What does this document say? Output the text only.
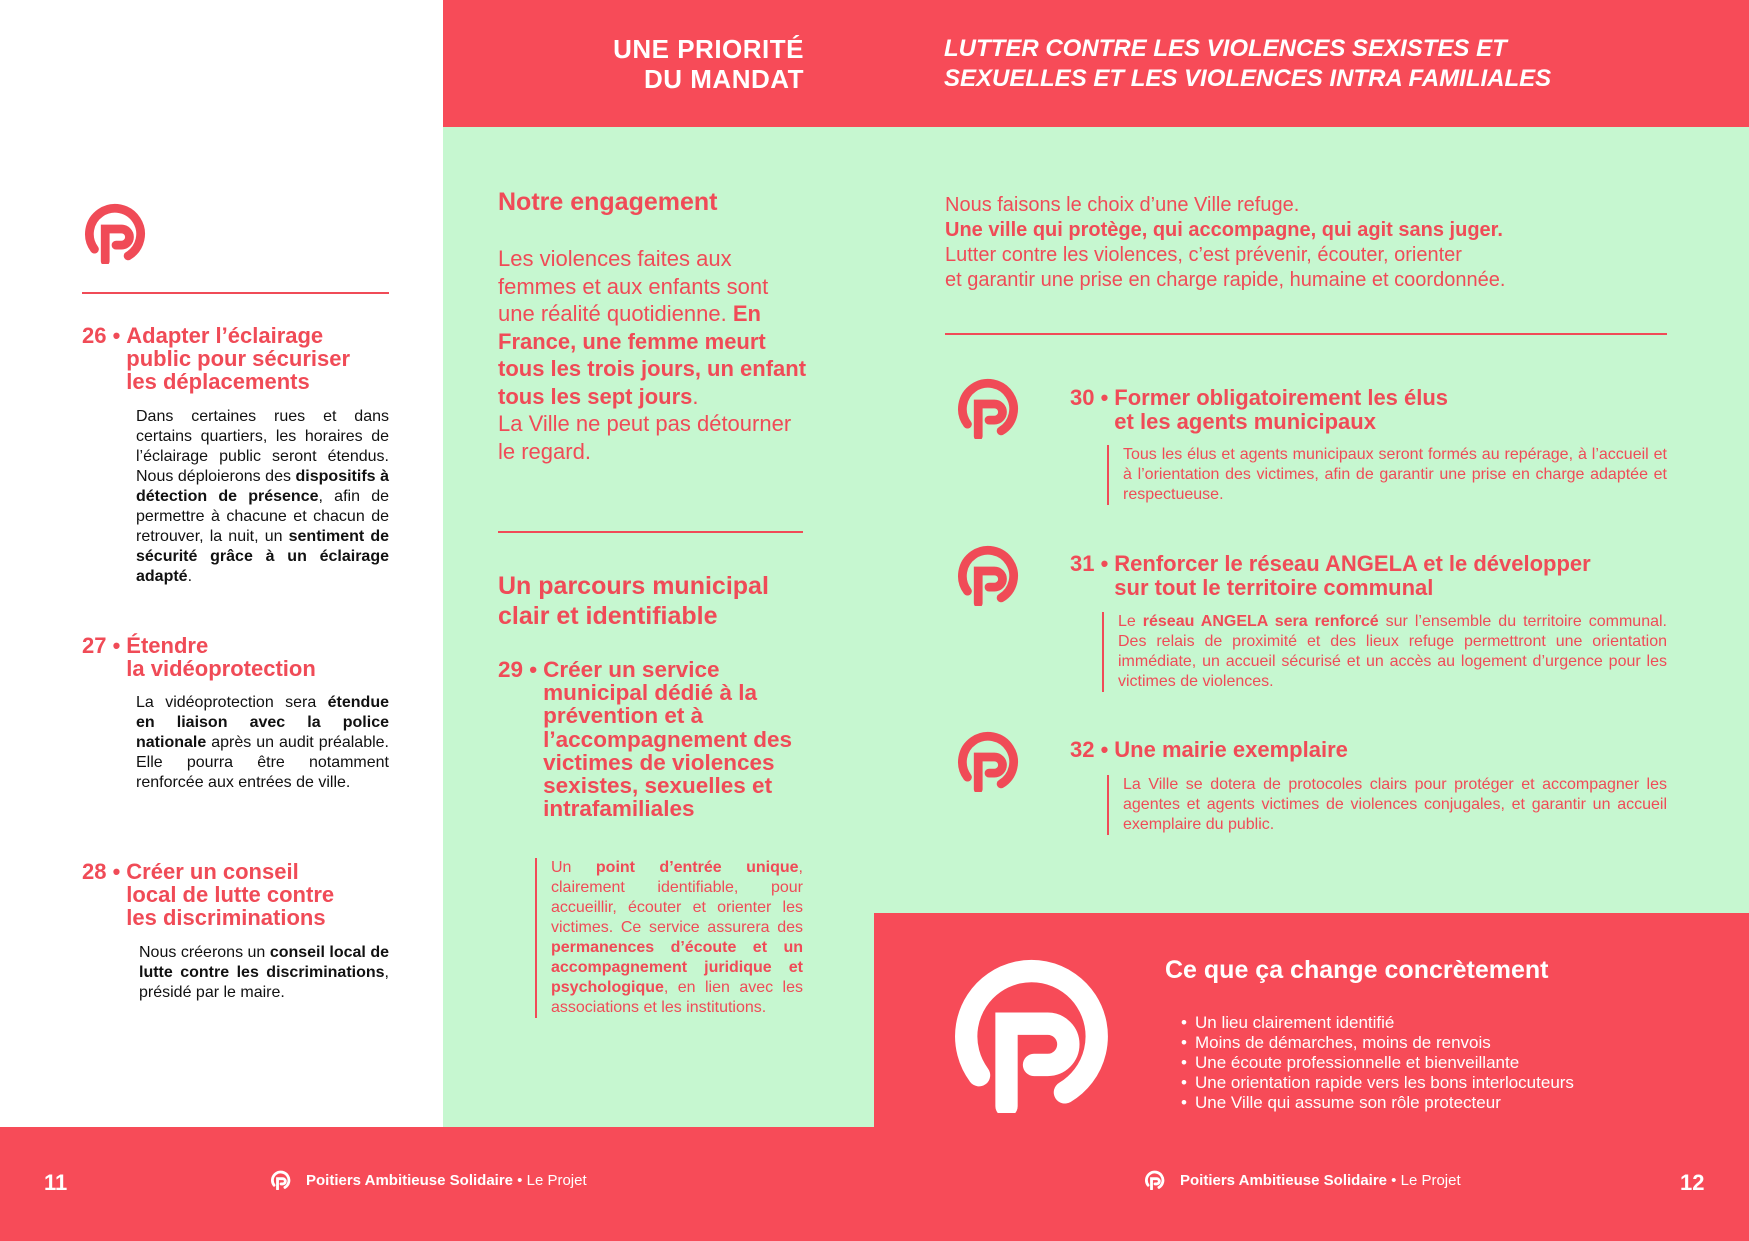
UNE PRIORITÉ
DU MANDAT
LUTTER CONTRE LES VIOLENCES SEXISTES ET
SEXUELLES ET LES VIOLENCES INTRA FAMILIALES
26 • Adapter l’éclairage
public pour sécuriser
les déplacements
Dans certaines rues et dans certains quartiers, les horaires de l’éclairage public seront étendus. Nous déploierons des dispositifs à détection de présence, afin de permettre à chacune et chacun de retrouver, la nuit, un sentiment de sécurité grâce à un éclairage adapté.
27 • Étendre
la vidéoprotection
La vidéoprotection sera étendue en liaison avec la police nationale après un audit préalable. Elle pourra être notamment renforcée aux entrées de ville.
28 • Créer un conseil
local de lutte contre
les discriminations
Nous créerons un conseil local de lutte contre les discriminations, présidé par le maire.
Notre engagement
Les violences faites aux femmes et aux enfants sont une réalité quotidienne. En France, une femme meurt tous les trois jours, un enfant tous les sept jours.
La Ville ne peut pas détourner le regard.
Un parcours municipal clair et identifiable
29 • Créer un service municipal dédié à la prévention et à l’accompagnement des victimes de violences sexistes, sexuelles et intrafamiliales
Un point d’entrée unique, clairement identifiable, pour accueillir, écouter et orienter les victimes. Ce service assurera des permanences d’écoute et un accompagnement juridique et psychologique, en lien avec les associations et les institutions.
Nous faisons le choix d’une Ville refuge.
Une ville qui protège, qui accompagne, qui agit sans juger.
Lutter contre les violences, c’est prévenir, écouter, orienter
et garantir une prise en charge rapide, humaine et coordonnée.
30 • Former obligatoirement les élus
et les agents municipaux
Tous les élus et agents municipaux seront formés au repérage, à l’accueil et à l’orientation des victimes, afin de garantir une prise en charge adaptée et respectueuse.
31 • Renforcer le réseau ANGELA et le développer
sur tout le territoire communal
Le réseau ANGELA sera renforcé sur l’ensemble du territoire communal. Des relais de proximité et des lieux refuge permettront une orientation immédiate, un accueil sécurisé et un accès au logement d’urgence pour les victimes de violences.
32 • Une mairie exemplaire
La Ville se dotera de protocoles clairs pour protéger et accompagner les agentes et agents victimes de violences conjugales, et garantir un accueil exemplaire du public.
Ce que ça change concrètement
• Un lieu clairement identifié
• Moins de démarches, moins de renvois
• Une écoute professionnelle et bienveillante
• Une orientation rapide vers les bons interlocuteurs
• Une Ville qui assume son rôle protecteur
11	12
Poitiers Ambitieuse Solidaire • Le Projet	Poitiers Ambitieuse Solidaire • Le Projet
